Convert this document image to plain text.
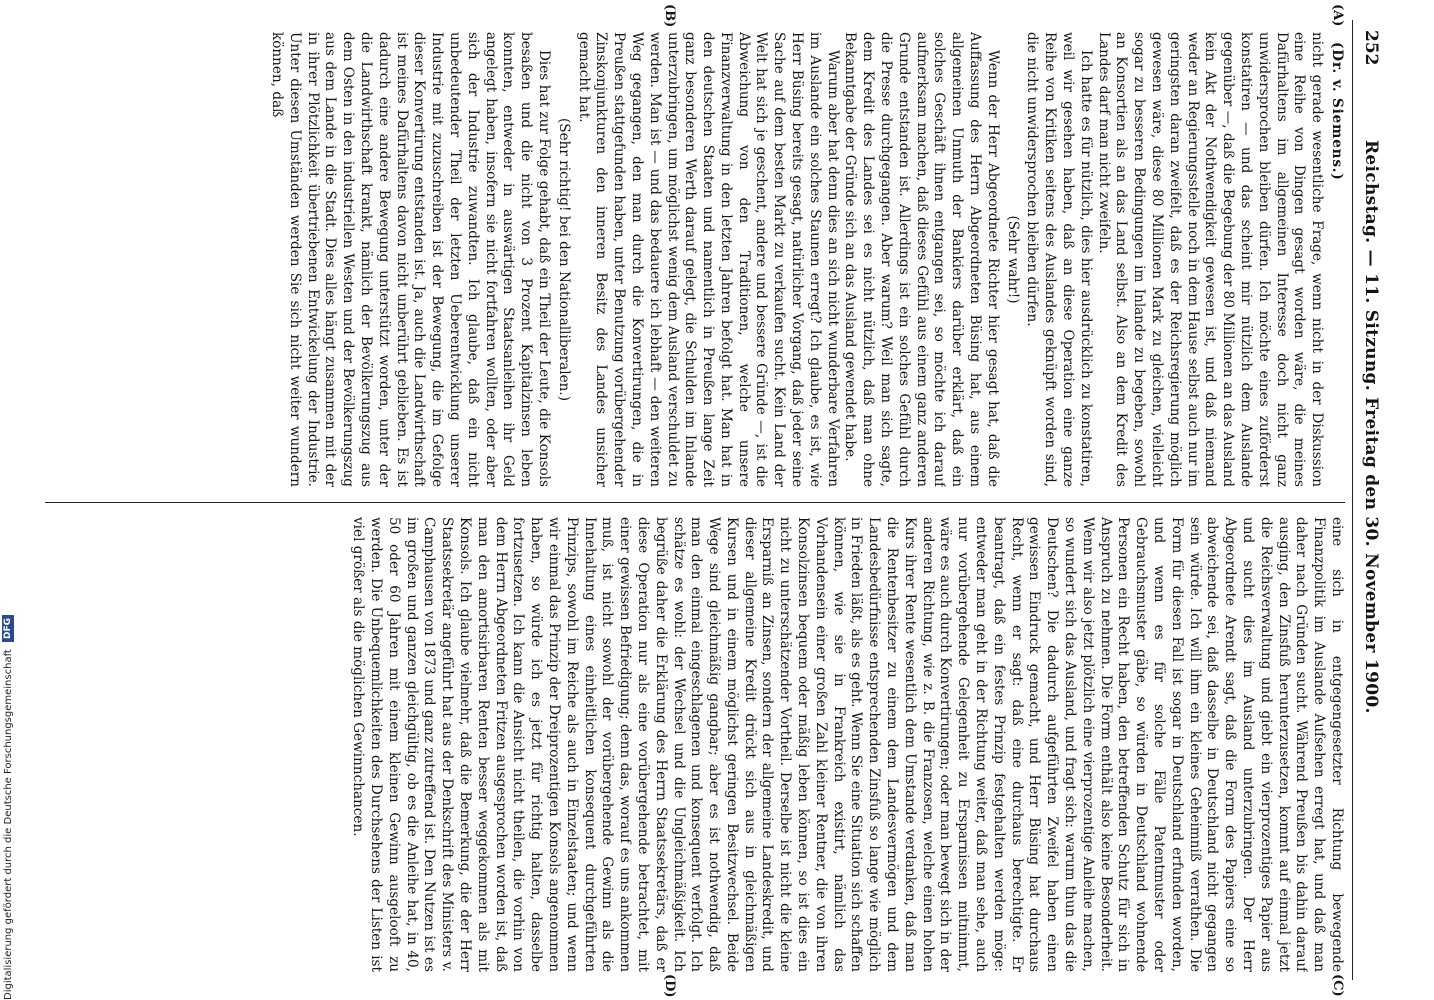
252
Reichstag. — 11. Sitzung. Freitag den 30. November 1900.
(A)
(B)
(C)
(D)

(Dr. v. Siemens.)

nicht gerade wesentliche Frage, wenn nicht in der Diskussion eine Reihe von Dingen gesagt worden wäre, die meines Dafürhaltens im allgemeinen Interesse doch nicht ganz unwidersprochen bleiben dürfen. Ich möchte eines zuförderst konstatiren — und das scheint mir nützlich dem Auslande gegenüber —, daß die Begebung der 80 Millionen an das Ausland kein Akt der Nothwendigkeit gewesen ist, und daß niemand weder an Regierungsstelle noch in dem Hause selbst auch nur im geringsten daran zweifelt, daß es der Reichsregierung möglich gewesen wäre, diese 80 Millionen Mark zu gleichen, vielleicht sogar zu besseren Bedingungen im Inlande zu begeben, sowohl an Konsortien als an das Land selbst. Also an dem Kredit des Landes darf man nicht zweifeln.

Ich hatte es für nützlich, dies hier ausdrücklich zu konstatiren, weil wir gesehen haben, daß an diese Operation eine ganze Reihe von Kritiken seitens des Auslandes geknüpft worden sind, die nicht unwidersprochen bleiben dürfen.

(Sehr wahr!)

Wenn der Herr Abgeordnete Richter hier gesagt hat, daß die Auffassung des Herrn Abgeordneten Büsing hat, aus einem allgemeinen Unmuth der Bankiers darüber erklärt, daß ein solches Geschäft ihnen entgangen sei, so möchte ich darauf aufmerksam machen, daß dieses Gefühl aus einem ganz anderen Grunde entstanden ist. Allerdings ist ein solches Gefühl durch die Presse durchgegangen. Aber warum? Weil man sich sagte, dem Kredit des Landes sei es nicht nützlich, daß man ohne Bekanntgabe der Gründe sich an das Ausland gewendet habe.

Warum aber hat denn dies an sich nicht wunderbare Verfahren im Auslande ein solches Staunen erregt? Ich glaube, es ist, wie Herr Büsing bereits gesagt, natürlicher Vorgang, daß jeder seine Sache auf dem besten Markt zu verkaufen sucht. Kein Land der Welt hat sich je geschent, andere und bessere Gründe —, ist die Abweichung von den Traditionen, welche unsere Finanzverwaltung in den letzten Jahren befolgt hat. Man hat in den deutschen Staaten und namentlich in Preußen lange Zeit ganz besonderen Werth darauf gelegt, die Schulden im Inlande unterzubringen, um möglichst wenig dem Ausland verschuldet zu werden. Man ist — und das bedauere ich lebhaft — den weiteren Weg gegangen, den man durch die Konvertirungen, die in Preußen stattgefunden haben, unter Benutzung vorübergehender Zinskonjunkturen den inneren Besitz des Landes unsicher gemacht hat.

(Sehr richtig! bei den Nationalliberalen.)

Dies hat zur Folge gehabt, daß ein Theil der Leute, die Konsols besaßen und die nicht von 3 Prozent Kapitalzinsen leben konnten, entweder in auswärtigen Staatsanleihen ihr Geld angelegt haben, insofern sie nicht fortfahren wollten, oder aber sich der Industrie zuwandten. Ich glaube, daß ein nicht unbedeutender Theil der letzten Ueberentwicklung unserer Industrie mit zuzuschreiben ist der Bewegung, die im Gefolge dieser Konvertirung entstanden ist. Ja, auch die Landwirthschaft ist meines Dafürhaltens davon nicht unberührt geblieben. Es ist dadurch eine andere Bewegung unterstützt worden, unter der die Landwirthschaft krankt, nämlich der Bevölkerungszug aus dem Osten in den industriellen Westen und der Bevölkerungszug aus dem Lande in die Stadt. Dies alles hängt zusammen mit der in ihrer Plötzlichkeit übertriebenen Entwickelung der Industrie. Unter diesen Umständen werden Sie sich nicht weiter wundern können, daß

eine sich in entgegengesetzter Richtung bewegende Finanzpolitik im Auslande Aufsehen erregt hat, und daß man daher nach Gründen sucht. Während Preußen bis dahin darauf ausging, den Zinsfuß herunterzusetzen, kommt auf einmal jetzt die Reichsverwaltung und giebt ein vierprozentiges Papier aus und sucht dies im Ausland unterzubringen. Der Herr Abgeordnete Arendt sagt, daß die Form des Papiers eine so abweichende sei, daß dasselbe in Deutschland nicht gegangen sein würde. Ich will ihm ein kleines Geheimniß verrathen. Die Form für diesen Fall ist sogar in Deutschland erfunden worden, und wenn es für solche Fälle Patentmuster oder Gebrauchsmuster gäbe, so würden in Deutschland wohnende Personen ein Recht haben, den betreffenden Schutz für sich in Anspruch zu nehmen. Die Form enthält also keine Besonderheit. Wenn wir also jetzt plötzlich eine vierprozentige Anleihe machen, so wundert sich das Ausland, und fragt sich: warum thun das die Deutschen? Die dadurch aufgeführten Zweifel haben einen gewissen Eindruck gemacht, und Herr Büsing hat durchaus Recht, wenn er sagt: daß eine durchaus berechtigte. Er beantragt, daß ein festes Prinzip festgehalten werden möge: entweder man geht in der Richtung weiter, daß man sehe, auch nur vorübergehende Gelegenheit zu Ersparnissen mitnimmt, wäre es auch durch Konvertirungen; oder man bewegt sich in der anderen Richtung, wie z. B. die Franzosen, welche einen hohen Kurs ihrer Rente wesentlich dem Umstande verdanken, daß man die Rentenbesitzer zu einem dem Landesvermögen und dem Landesbedürfnisse entsprechenden Zinsfuß so lange wie möglich in Frieden läßt, als es geht. Wenn Sie eine Situation sich schaffen können, wie sie in Frankreich existirt, nämlich das Vorhandensein einer großen Zahl kleiner Rentner, die von ihren Konsolzinsen bequem oder mäßig leben können, so ist dies ein nicht zu unterschätzender Vortheil. Derselbe ist nicht die kleine Ersparniß an Zinsen, sondern der allgemeine Landeskredit, und dieser allgemeine Kredit drückt sich aus in gleichmäßigen Kursen und in einem möglichst geringen Besitzwechsel. Beide Wege sind gleichmäßig gangbar; aber es ist nothwendig, daß man den einmal eingeschlagenen und konsequent verfolgt. Ich schätze es wohl: der Wechsel und die Ungleichmäßigkeit. Ich begrüße daher die Erklärung des Herrn Staatssekretärs, daß er diese Operation nur als eine vorübergehende betrachtet, mit einer gewissen Befriedigung; denn das, worauf es uns ankommen muß, ist nicht sowohl der vorübergehende Gewinn als die Innehaltung eines einheitlichen konsequent durchgeführten Prinzips, sowohl im Reiche als auch in Einzelstaaten; und wenn wir einmal das Prinzip der Dreiprozentigen Konsols angenommen haben, so würde ich es jetzt für richtig halten, dasselbe fortzusetzen. Ich kann die Ansicht nicht theilen, die vorhin von dem Herrn Abgeordneten Fritzen ausgesprochen worden ist, daß man den amortisirbaren Renten besser weggekommen als mit Konsols. Ich glaube vielmehr, daß die Bemerkung, die der Herr Staatssekretär angeführt hat aus der Denkschrift des Ministers v. Camphausen von 1873 und ganz zutreffend ist. Den Nutzen ist es im großen und ganzen gleichgültig, ob es die Anleihe hat, in 40, 50 oder 60 Jahren mit einem kleinen Gewinn ausgelooft zu werden. Die Unbequemlichkeiten des Durchsehens der Listen ist viel größer als die möglichen Gewinnchancen.

Digitalisierung gefördert durch die Deutsche Forschungsgemeinschaft DFG
